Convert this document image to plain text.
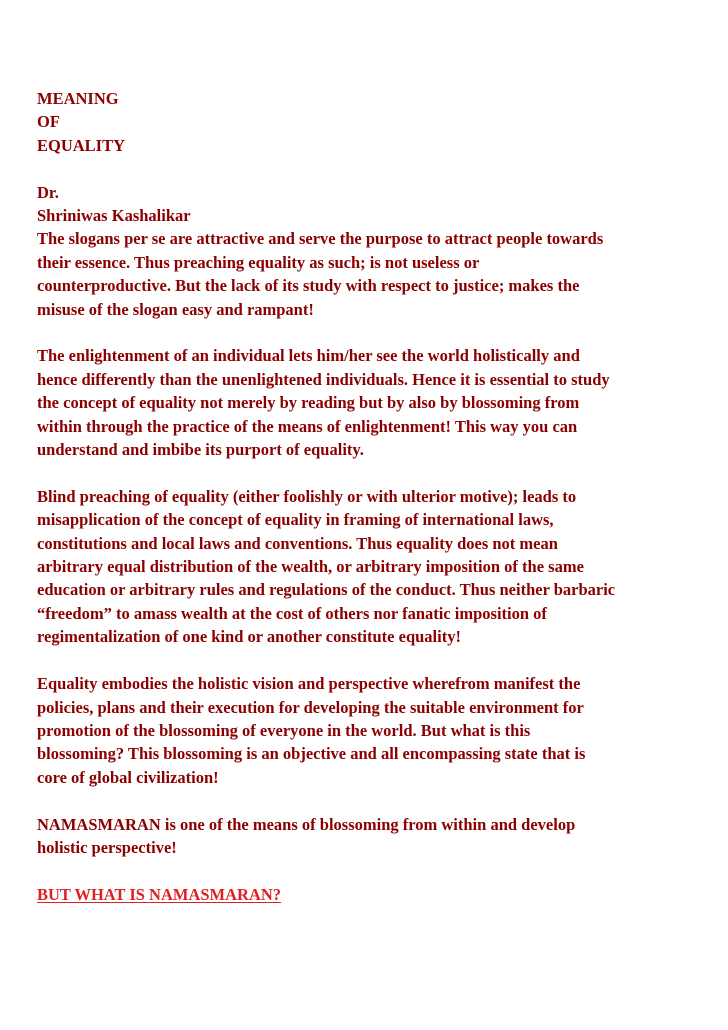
MEANING
OF
EQUALITY
Dr.
Shriniwas Kashalikar
The slogans per se are attractive and serve the purpose to attract people towards
their essence. Thus preaching equality as such; is not useless or
counterproductive. But the lack of its study with respect to justice; makes the
misuse of the slogan easy and rampant!
The enlightenment of an individual lets him/her see the world holistically and
hence differently than the unenlightened individuals. Hence it is essential to study
the concept of equality not merely by reading but by also by blossoming from
within through the practice of the means of enlightenment! This way you can
understand and imbibe its purport of equality.
Blind preaching of equality (either foolishly or with ulterior motive); leads to
misapplication of the concept of equality in framing of international laws,
constitutions and local laws and conventions. Thus equality does not mean
arbitrary equal distribution of the wealth, or arbitrary imposition of the same
education or arbitrary rules and regulations of the conduct. Thus neither barbaric
“freedom” to amass wealth at the cost of others nor fanatic imposition of
regimentalization of one kind or another constitute equality!
Equality embodies the holistic vision and perspective wherefrom manifest the
policies, plans and their execution for developing the suitable environment for
promotion of the blossoming of everyone in the world. But what is this
blossoming? This blossoming is an objective and all encompassing state that is
core of global civilization!
NAMASMARAN is one of the means of blossoming from within and develop
holistic perspective!
BUT WHAT IS NAMASMARAN?
